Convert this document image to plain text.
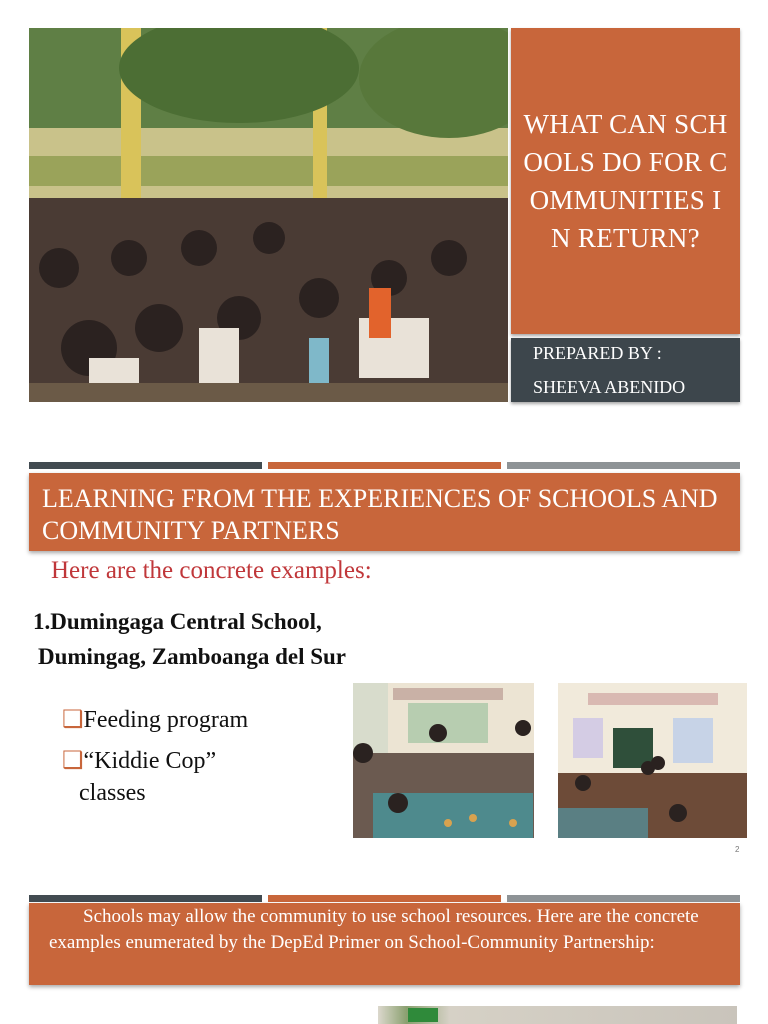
WHAT CAN SCHOOLS DO FOR COMMUNITIES IN RETURN?
PREPARED BY :
SHEEVA ABENIDO
LEARNING FROM THE EXPERIENCES OF SCHOOLS AND COMMUNITY PARTNERS
Here are the concrete examples:
1.Dumingaga Central School,
Dumingag, Zamboanga del Sur
❑Feeding program
❑“Kiddie Cop”
classes
2
Schools may allow the community to use school resources. Here are the concrete examples enumerated by the DepEd Primer on School-Community Partnership:
